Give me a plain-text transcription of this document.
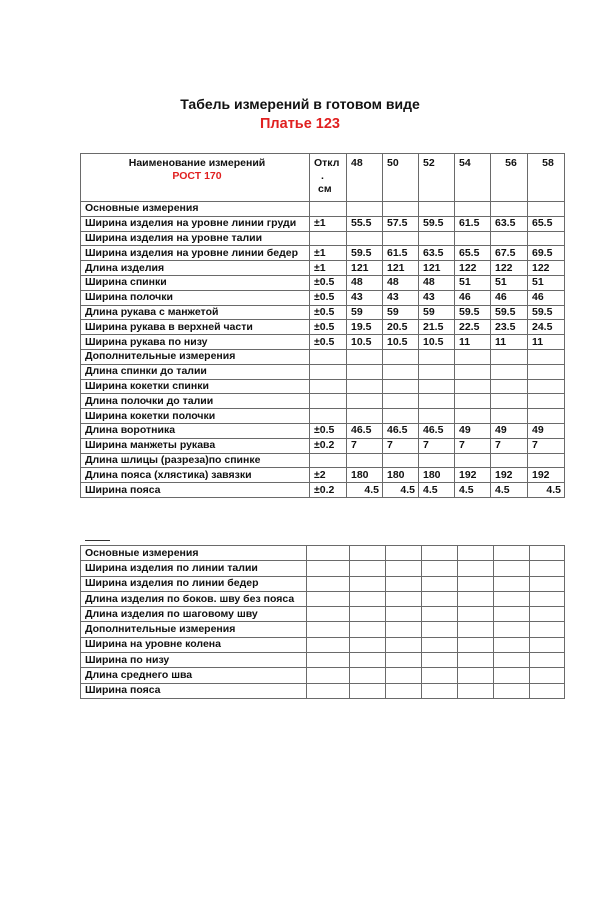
Табель измерений в готовом виде
Платье 123
Наименование измерений
РОСТ 170

Откл
.
см
	48	50	52	54	56	58
Основные измерения							
Ширина изделия на уровне линии груди	±1	55.5	57.5	59.5	61.5	63.5	65.5
Ширина изделия на уровне талии							
Ширина изделия на уровне линии бедер	±1	59.5	61.5	63.5	65.5	67.5	69.5
Длина изделия	±1	121	121	121	122	122	122
Ширина спинки	±0.5	48	48	48	51	51	51
Ширина полочки	±0.5	43	43	43	46	46	46
Длина рукава с манжетой	±0.5	59	59	59	59.5	59.5	59.5
Ширина рукава в верхней части	±0.5	19.5	20.5	21.5	22.5	23.5	24.5
Ширина рукава по низу	±0.5	10.5	10.5	10.5	11	11	11
Дополнительные измерения							
Длина спинки до талии							
Ширина кокетки спинки							
Длина полочки до талии							
Ширина кокетки полочки							
Длина воротника	±0.5	46.5	46.5	46.5	49	49	49
Ширина манжеты рукава	±0.2	7	7	7	7	7	7
Длина шлицы (разреза)по спинке							
Длина пояса (хлястика) завязки	±2	180	180	180	192	192	192
Ширина пояса	±0.2	4.5	4.5	4.5	4.5	4.5	4.5
Основные измерения							
Ширина изделия по линии талии							
Ширина изделия по линии бедер							
Длина изделия по боков. шву без пояса							
Длина изделия по шаговому шву							
Дополнительные измерения							
Ширина на уровне колена							
Ширина по низу							
Длина среднего шва							
Ширина пояса							
